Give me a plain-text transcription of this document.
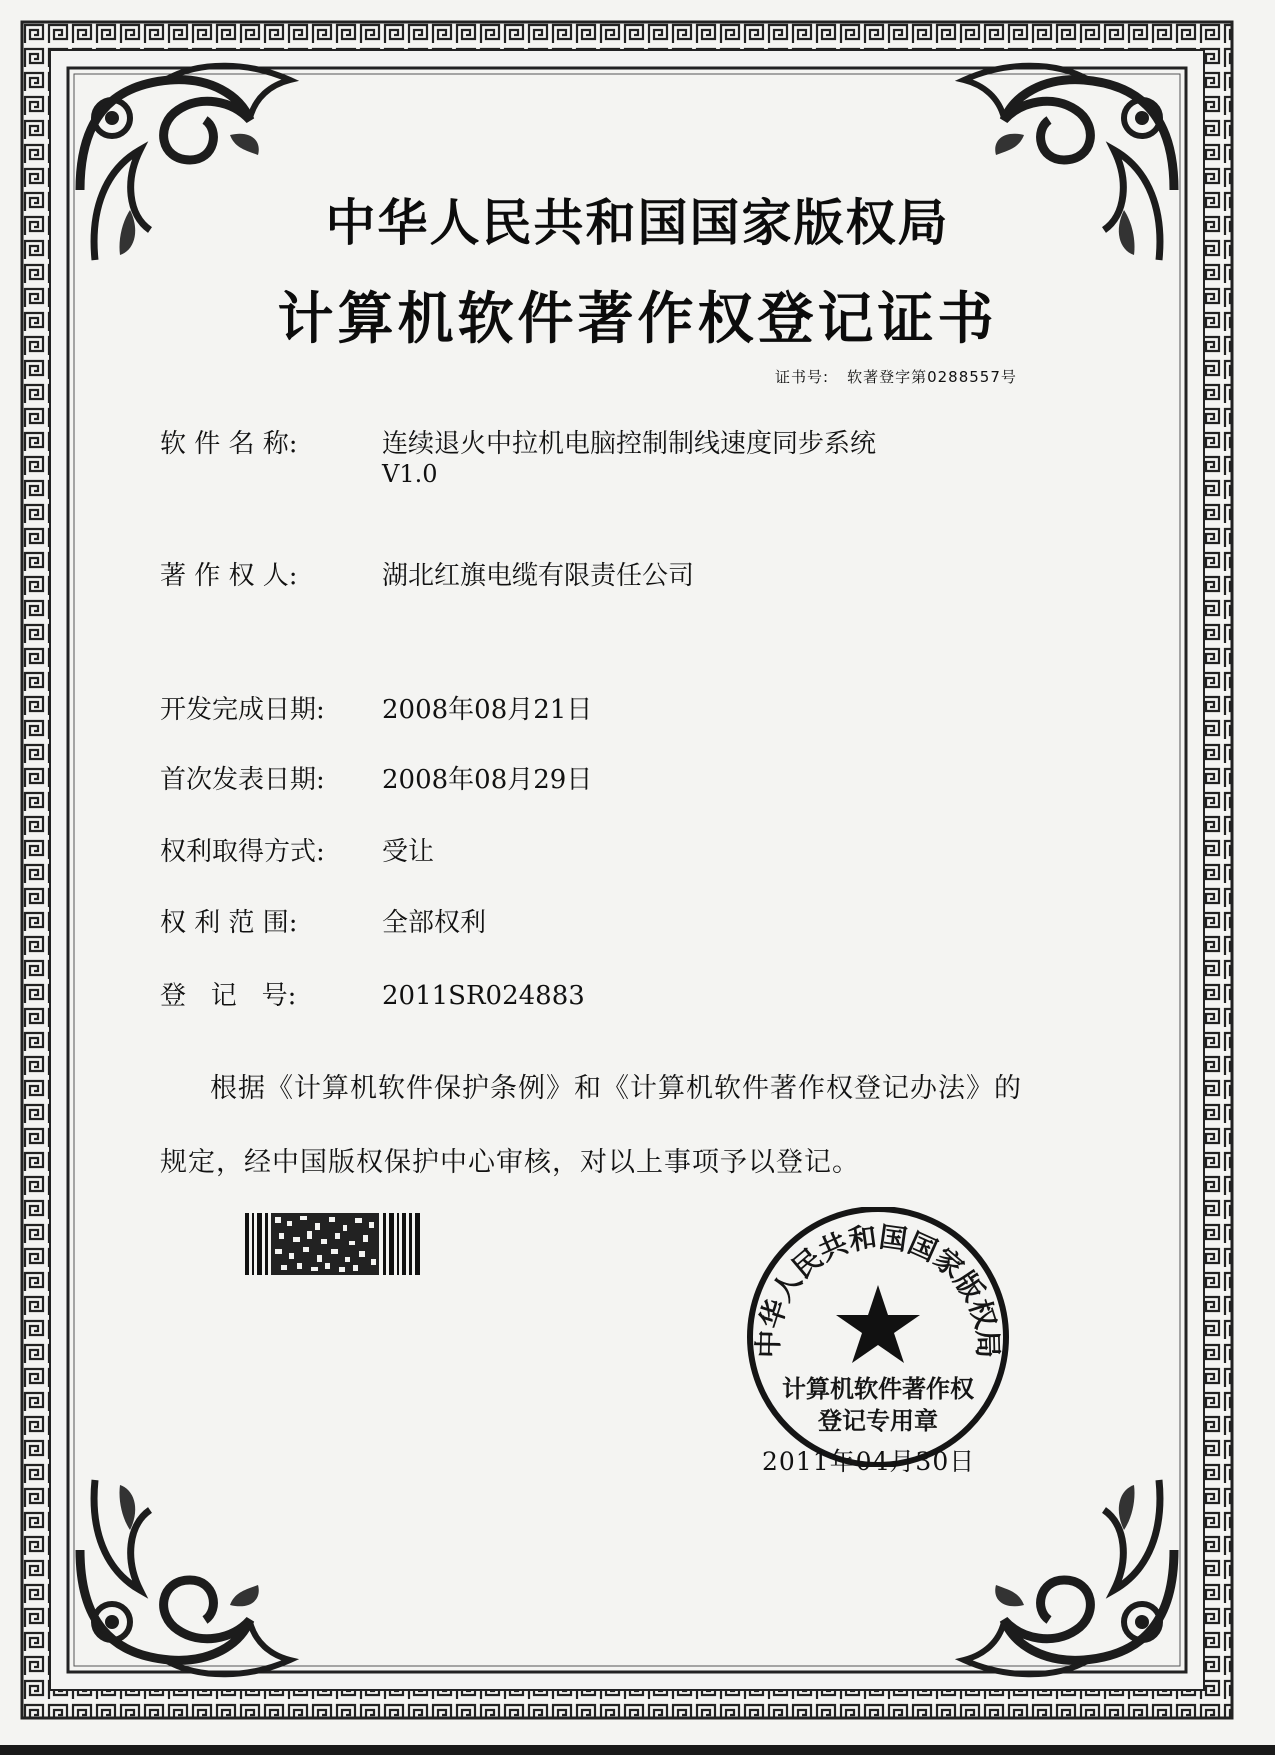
中华人民共和国国家版权局
计算机软件著作权登记证书
证书号: 软著登字第0288557号
软 件 名 称:	连续退火中拉机电脑控制制线速度同步系统
V1.0
著 作 权 人:	湖北红旗电缆有限责任公司
开发完成日期: 2008年08月21日
首次发表日期: 2008年08月29日
权利取得方式: 受让
权 利 范 围:	全部权利
登   记   号:	2011SR024883
根据《计算机软件保护条例》和《计算机软件著作权登记办法》的
规定，经中国版权保护中心审核，对以上事项予以登记。
中华人民共和国国家版权局
计算机软件著作权
登记专用章
2011年04月30日
